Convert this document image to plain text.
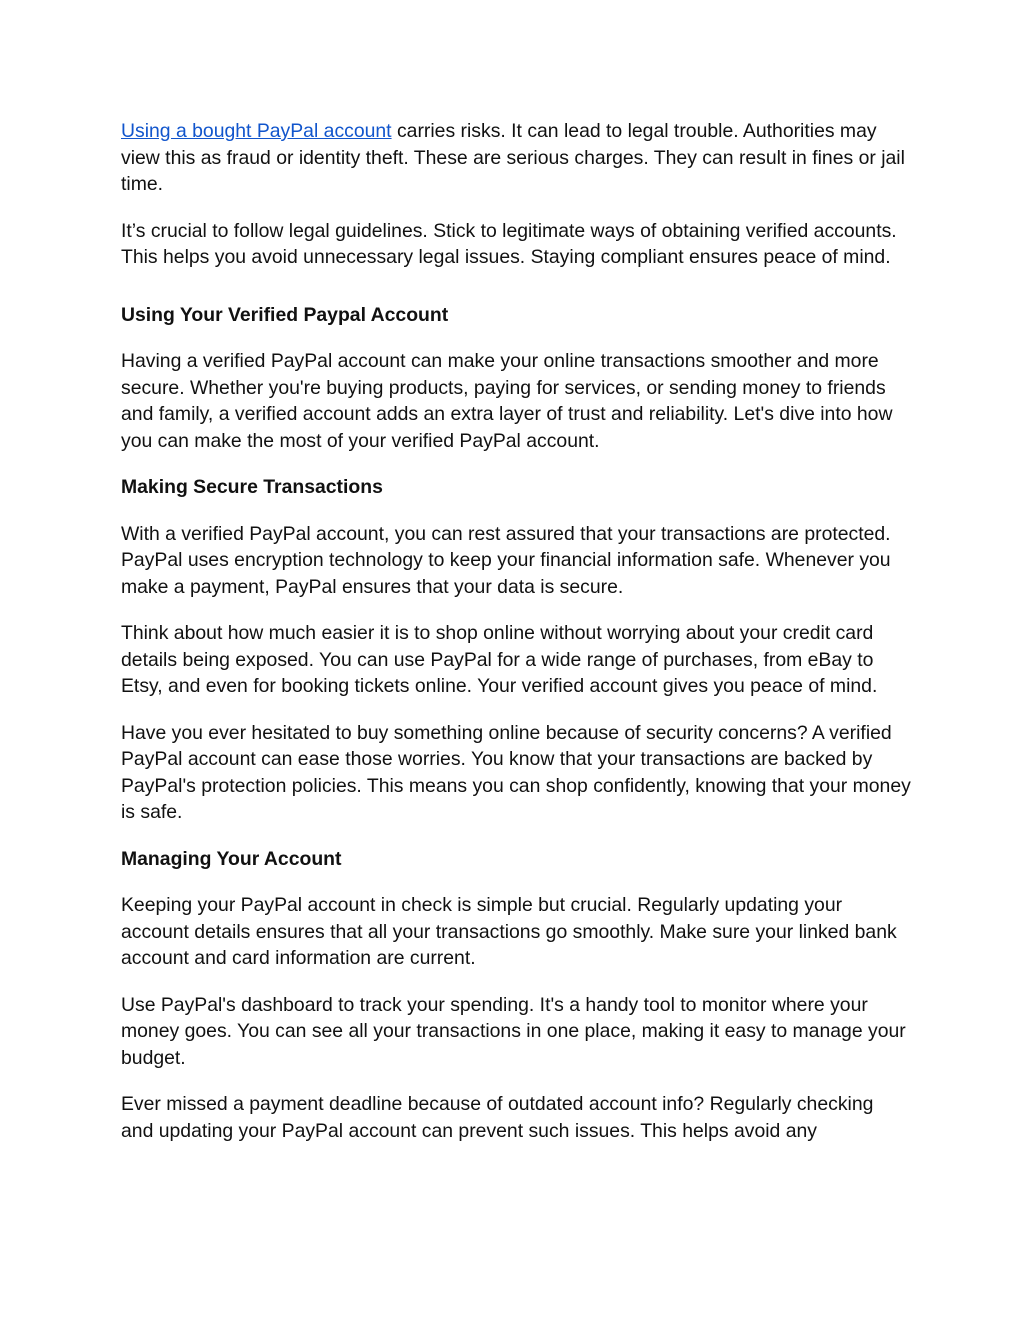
Using a bought PayPal account carries risks. It can lead to legal trouble. Authorities may view this as fraud or identity theft. These are serious charges. They can result in fines or jail time.

It’s crucial to follow legal guidelines. Stick to legitimate ways of obtaining verified accounts. This helps you avoid unnecessary legal issues. Staying compliant ensures peace of mind.

Using Your Verified Paypal Account

Having a verified PayPal account can make your online transactions smoother and more secure. Whether you're buying products, paying for services, or sending money to friends and family, a verified account adds an extra layer of trust and reliability. Let's dive into how you can make the most of your verified PayPal account.

Making Secure Transactions

With a verified PayPal account, you can rest assured that your transactions are protected. PayPal uses encryption technology to keep your financial information safe. Whenever you make a payment, PayPal ensures that your data is secure.

Think about how much easier it is to shop online without worrying about your credit card details being exposed. You can use PayPal for a wide range of purchases, from eBay to Etsy, and even for booking tickets online. Your verified account gives you peace of mind.

Have you ever hesitated to buy something online because of security concerns? A verified PayPal account can ease those worries. You know that your transactions are backed by PayPal's protection policies. This means you can shop confidently, knowing that your money is safe.

Managing Your Account

Keeping your PayPal account in check is simple but crucial. Regularly updating your account details ensures that all your transactions go smoothly. Make sure your linked bank account and card information are current.

Use PayPal's dashboard to track your spending. It's a handy tool to monitor where your money goes. You can see all your transactions in one place, making it easy to manage your budget.

Ever missed a payment deadline because of outdated account info? Regularly checking and updating your PayPal account can prevent such issues. This helps avoid any
